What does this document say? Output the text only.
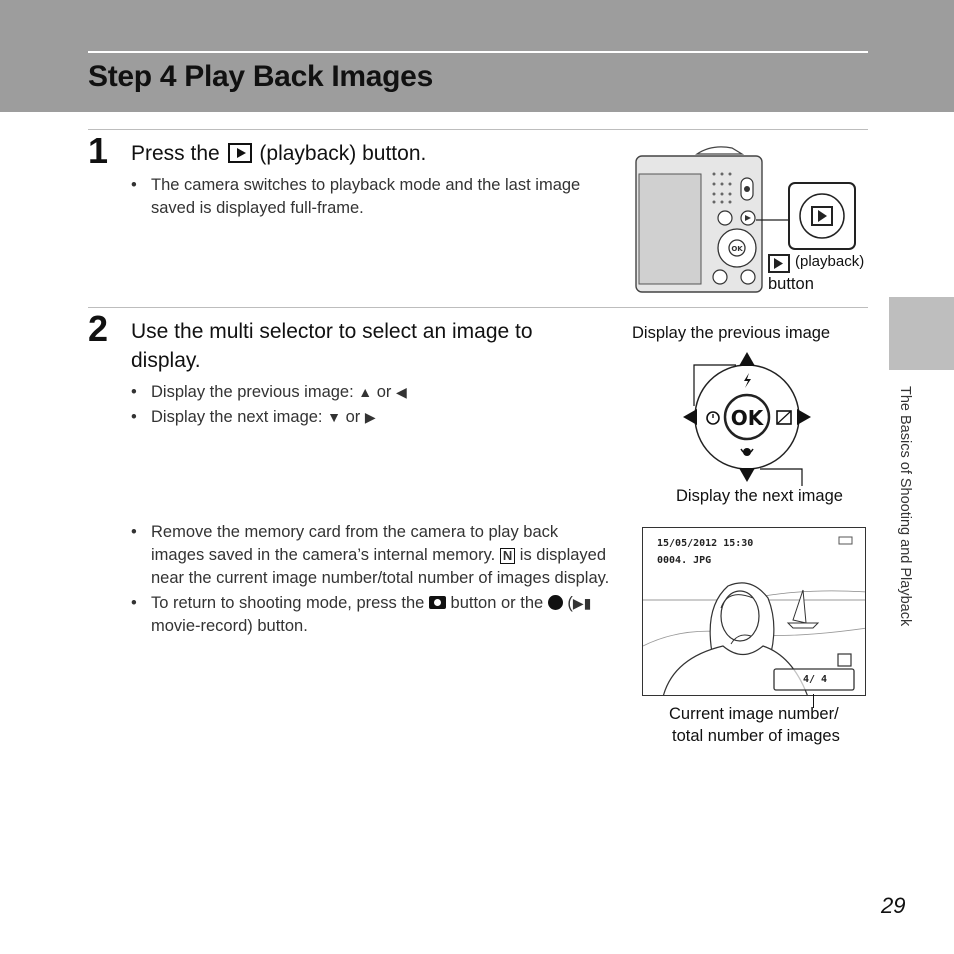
Step 4 Play Back Images
1 Press the (playback) button.
• The camera switches to playback mode and the last image saved is displayed full-frame.
OK
(playback)
button
2 Use the multi selector to select an image to display.
• Display the previous image: ▲ or ◀
• Display the next image: ▼ or ▶
Display the previous image
Display the next image
OK
• Remove the memory card from the camera to play back images saved in the camera’s internal memory. N is displayed near the current image number/total number of images display.
• To return to shooting mode, press the button or the  (▶▮ movie-record) button.
15/05/2012 15:30
0004. JPG
4/ 4
Current image number/
total number of images
The Basics of Shooting and Playback
29
